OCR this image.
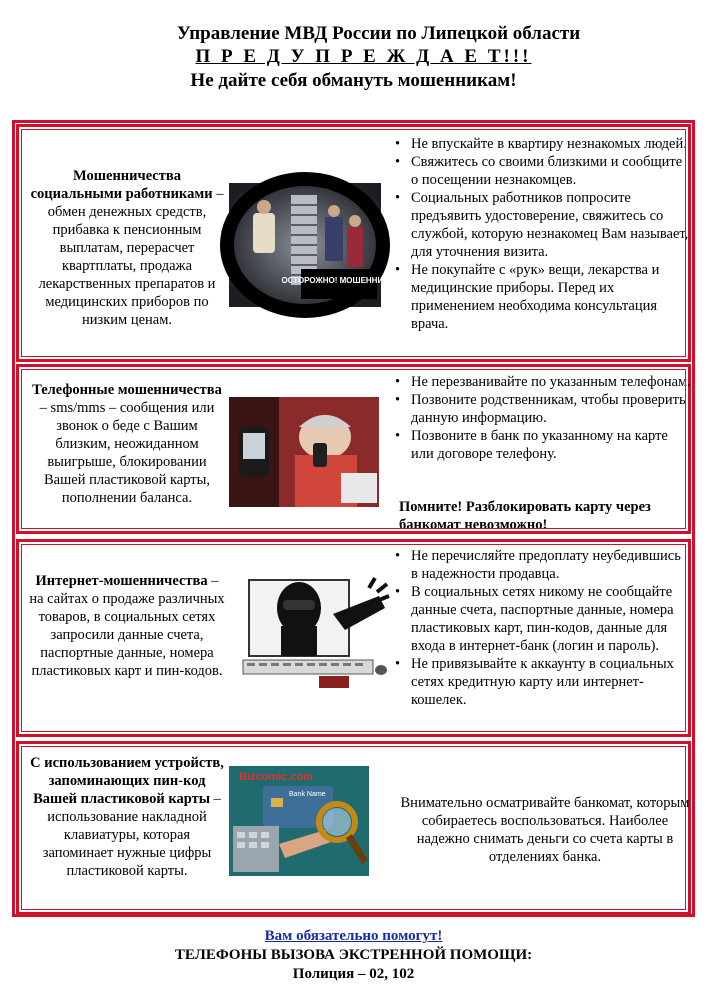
Управление МВД России по Липецкой области
П Р Е Д У П Р Е Ж Д А Е Т!!!
Не дайте себя обмануть мошенникам!
Мошенничества социальными работниками – обмен денежных средств, прибавка к пенсионным выплатам, перерасчет квартплаты, продажа лекарственных препаратов и медицинских приборов по низким ценам.
ОСТОРОЖНО! МОШЕННИКИ!
• Не впускайте в квартиру незнакомых людей.
• Свяжитесь со своими близкими и сообщите о посещении незнакомцев.
• Социальных работников попросите предъявить удостоверение, свяжитесь со службой, которую незнакомец Вам называет, для уточнения визита.
• Не покупайте с «рук» вещи, лекарства и медицинские приборы. Перед их применением необходима консультация врача.
Телефонные мошенничества – sms/mms – сообщения или звонок о беде с Вашим близким, неожиданном выигрыше, блокировании Вашей пластиковой карты, пополнении баланса.
• Не перезванивайте по указанным телефонам.
• Позвоните родственникам, чтобы проверить данную информацию.
• Позвоните в банк по указанному на карте или договоре телефону.
Помните! Разблокировать карту через банкомат невозможно!
Интернет-мошенничества – на сайтах о продаже различных товаров, в социальных сетях запросили данные счета, паспортные данные, номера пластиковых карт и пин-кодов.
• Не перечисляйте предоплату неубедившись в надежности продавца.
• В социальных сетях никому не сообщайте данные счета, паспортные данные, номера пластиковых карт, пин-кодов, данные для входа в интернет-банк (логин и пароль).
• Не привязывайте к аккаунту в социальных сетях кредитную карту или интернет-кошелек.
С использованием устройств, запоминающих пин-код Вашей пластиковой карты – использование накладной клавиатуры, которая запоминает нужные цифры пластиковой карты.
Bizcomic.com
Bank Name
Внимательно осматривайте банкомат, которым собираетесь воспользоваться. Наиболее надежно снимать деньги со счета карты в отделениях банка.
Вам обязательно помогут!
ТЕЛЕФОНЫ ВЫЗОВА ЭКСТРЕННОЙ ПОМОЩИ:
Полиция – 02, 102
